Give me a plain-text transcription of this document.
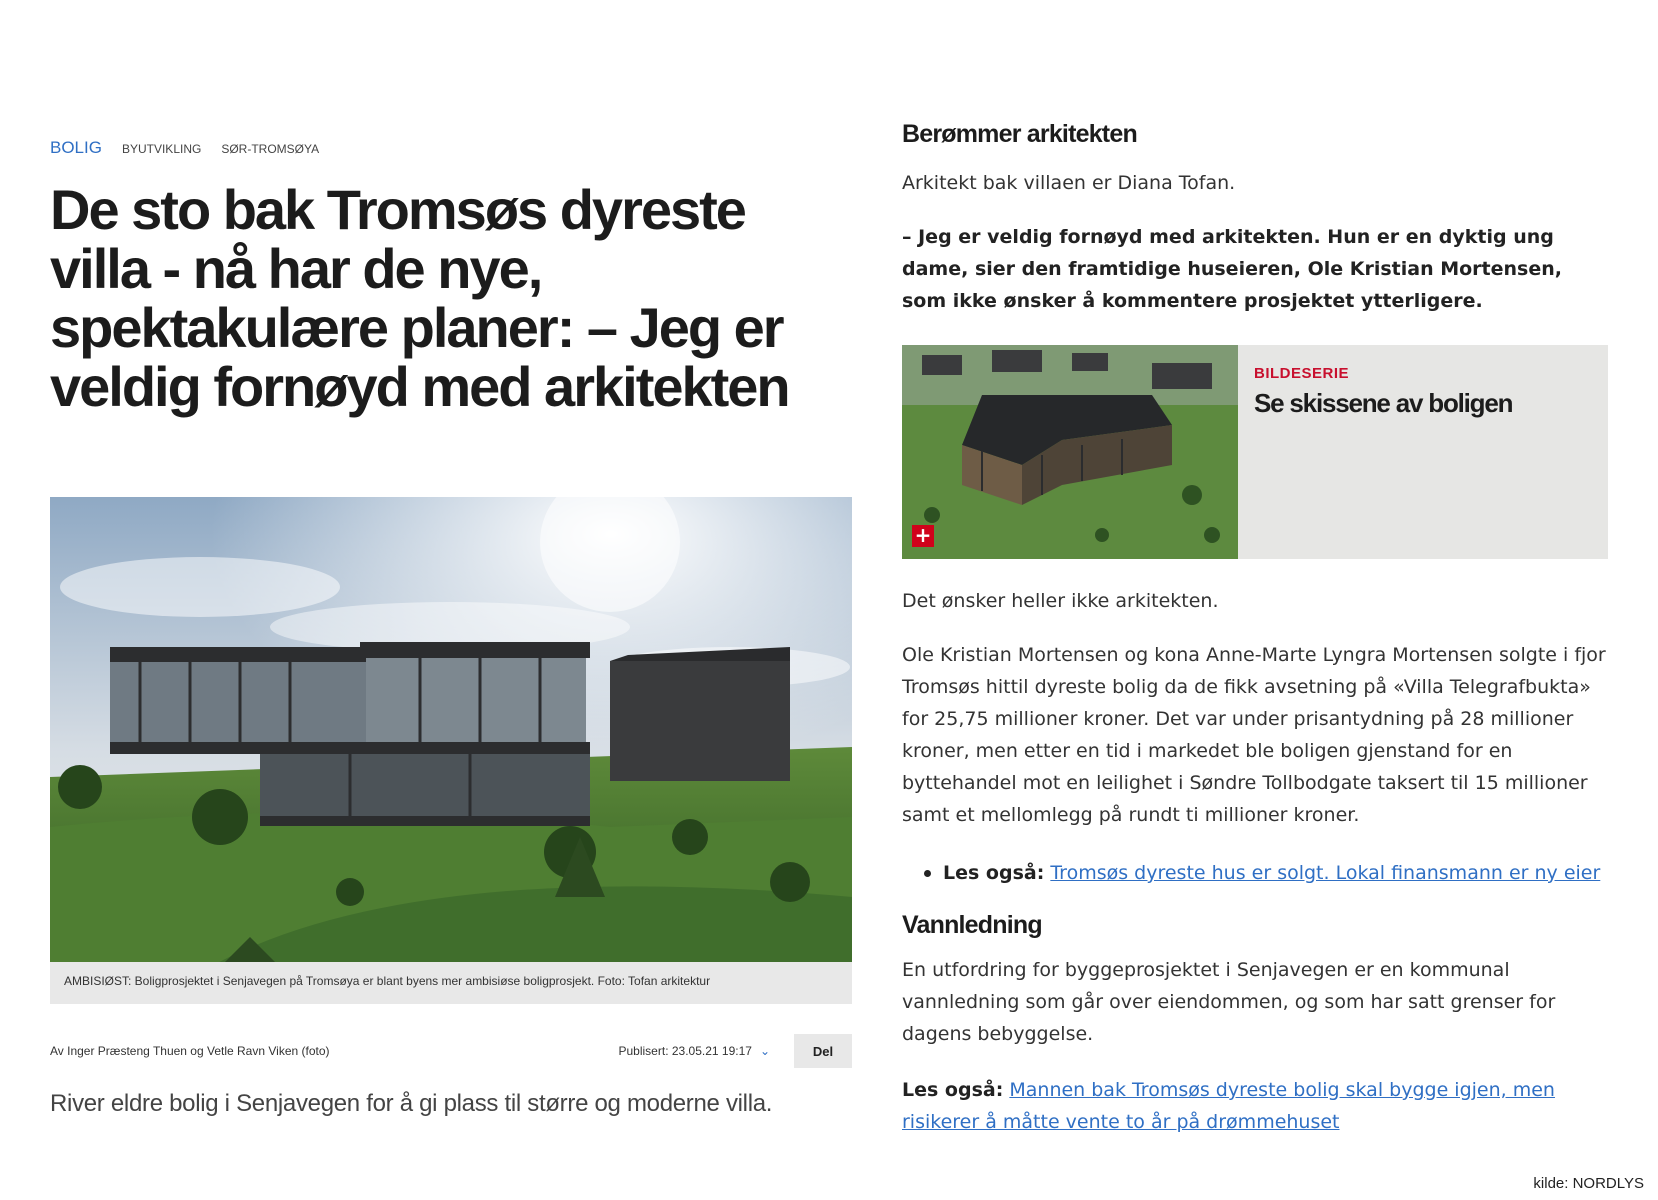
BOLIG BYUTVIKLING SØR-TROMSØYA
De sto bak Tromsøs dyreste villa - nå har de nye, spektakulære planer: – Jeg er veldig fornøyd med arkitekten
AMBISIØST: Boligprosjektet i Senjavegen på Tromsøya er blant byens mer ambisiøse boligprosjekt. Foto: Tofan arkitektur
Av Inger Præsteng Thuen og Vetle Ravn Viken (foto)	Publisert: 23.05.21 19:17 ⌄	Del

River eldre bolig i Senjavegen for å gi plass til større og moderne villa.

Berømmer arkitekten

Arkitekt bak villaen er Diana Tofan.

– Jeg er veldig fornøyd med arkitekten. Hun er en dyktig ung dame, sier den framtidige huseieren, Ole Kristian Mortensen, som ikke ønsker å kommentere prosjektet ytterligere.

+
BILDESERIE
Se skissene av boligen

Det ønsker heller ikke arkitekten.

Ole Kristian Mortensen og kona Anne-Marte Lyngra Mortensen solgte i fjor Tromsøs hittil dyreste bolig da de fikk avsetning på «Villa Telegrafbukta» for 25,75 millioner kroner. Det var under prisantydning på 28 millioner kroner, men etter en tid i markedet ble boligen gjenstand for en byttehandel mot en leilighet i Søndre Tollbodgate taksert til 15 millioner samt et mellomlegg på rundt ti millioner kroner.

Les også: Tromsøs dyreste hus er solgt. Lokal finansmann er ny eier
Vannledning

En utfordring for byggeprosjektet i Senjavegen er en kommunal vannledning som går over eiendommen, og som har satt grenser for dagens bebyggelse.

Les også: Mannen bak Tromsøs dyreste bolig skal bygge igjen, men risikerer å måtte vente to år på drømmehuset

kilde: NORDLYS
